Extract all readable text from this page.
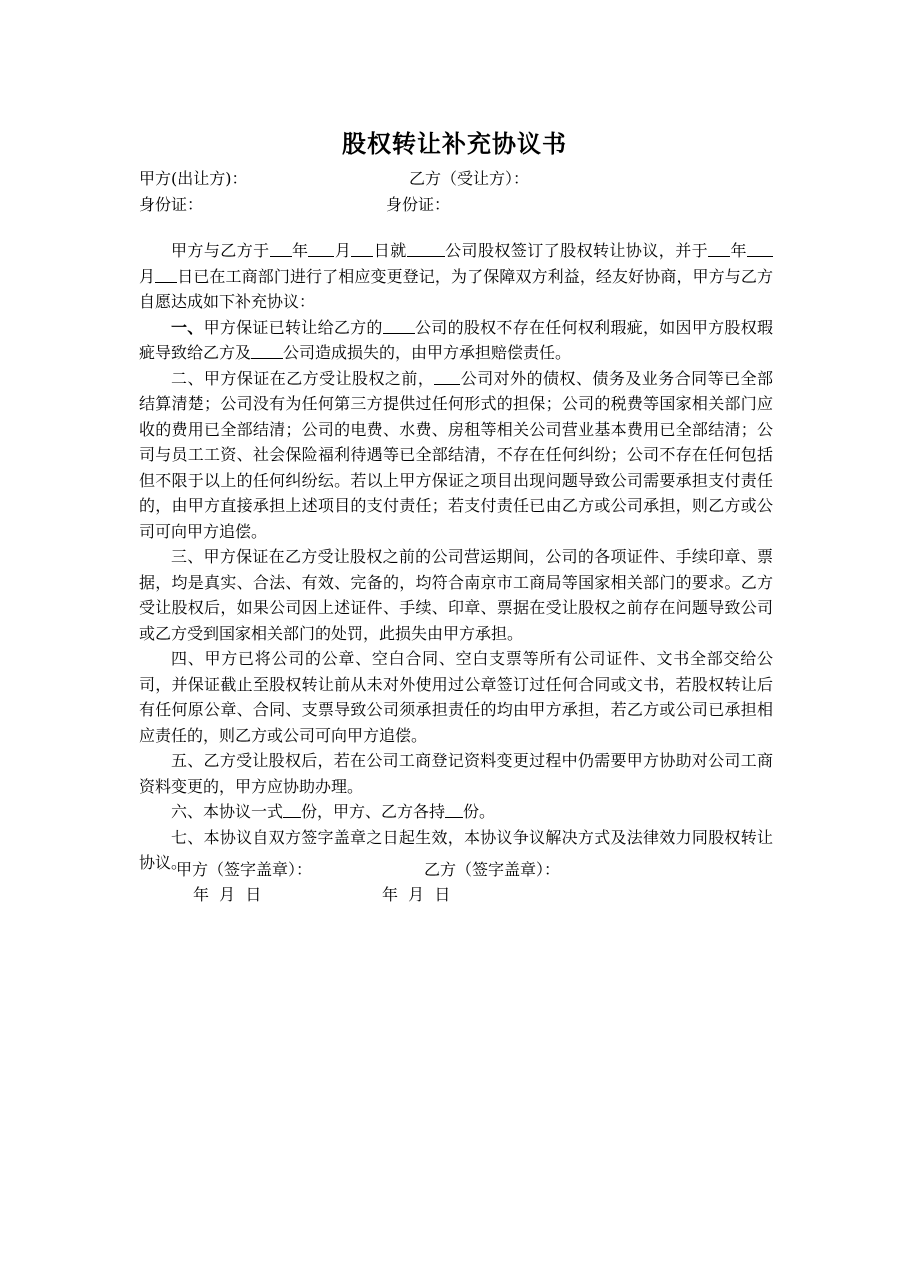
股权转让补充协议书
甲方(出让方)：	乙方（受让方）：
身份证：	身份证：

甲方与乙方于 年 月 日就 公司股权签订了股权转让协议，并于 年月 日已在工商部门进行了相应变更登记，为了保障双方利益，经友好协商，甲方与乙方自愿达成如下补充协议：

一、甲方保证已转让给乙方的 公司的股权不存在任何权利瑕疵，如因甲方股权瑕疵导致给乙方及 公司造成损失的，由甲方承担赔偿责任。

二、甲方保证在乙方受让股权之前， 公司对外的债权、债务及业务合同等已全部结算清楚；公司没有为任何第三方提供过任何形式的担保；公司的税费等国家相关部门应收的费用已全部结清；公司的电费、水费、房租等相关公司营业基本费用已全部结清；公司与员工工资、社会保险福利待遇等已全部结清，不存在任何纠纷；公司不存在任何包括但不限于以上的任何纠纷纭。若以上甲方保证之项目出现问题导致公司需要承担支付责任的，由甲方直接承担上述项目的支付责任；若支付责任已由乙方或公司承担，则乙方或公司可向甲方追偿。

三、甲方保证在乙方受让股权之前的公司营运期间，公司的各项证件、手续印章、票据，均是真实、合法、有效、完备的，均符合南京市工商局等国家相关部门的要求。乙方受让股权后，如果公司因上述证件、手续、印章、票据在受让股权之前存在问题导致公司或乙方受到国家相关部门的处罚，此损失由甲方承担。

四、甲方已将公司的公章、空白合同、空白支票等所有公司证件、文书全部交给公司，并保证截止至股权转让前从未对外使用过公章签订过任何合同或文书，若股权转让后有任何原公章、合同、支票导致公司须承担责任的均由甲方承担，若乙方或公司已承担相应责任的，则乙方或公司可向甲方追偿。

五、乙方受让股权后，若在公司工商登记资料变更过程中仍需要甲方协助对公司工商资料变更的，甲方应协助办理。

六、本协议一式 份，甲方、乙方各持 份。

七、本协议自双方签字盖章之日起生效，本协议争议解决方式及法律效力同股权转让协议。

甲方（签字盖章）：	乙方（签字盖章）：
年  月  日	年  月  日
